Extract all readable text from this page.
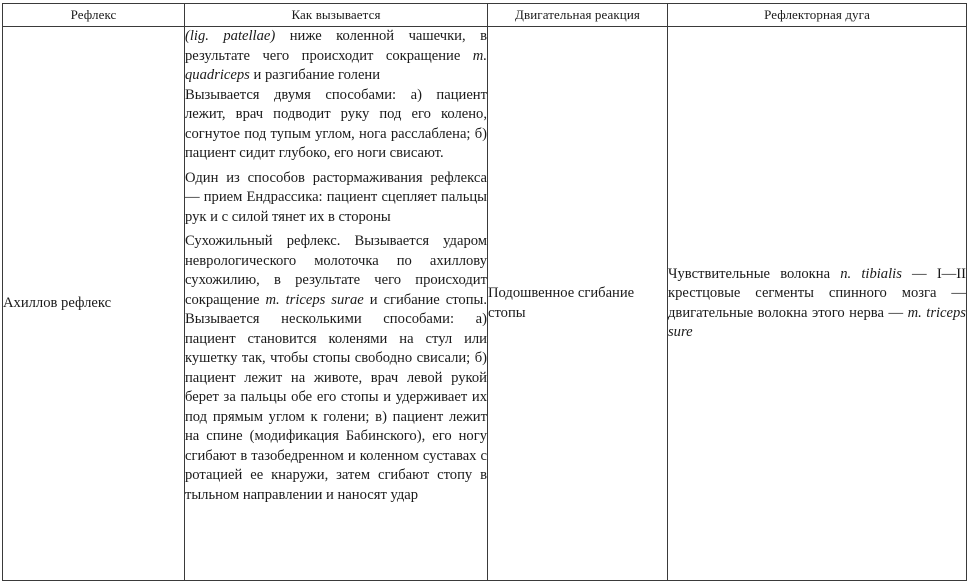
Рефлекс	Как вызывается	Двигательная реакция	Рефлекторная дуга
Ахиллов рефлекс	(lig. patellae) ниже коленной чашечки, в результате чего происходит сокращение m. quadriceps и разгибание голени

Вызывается двумя способами: а) пациент лежит, врач подводит руку под его колено, согнутое под тупым углом, нога расслаблена; б) пациент сидит глубоко, его ноги свисают.

Один из способов растормаживания рефлекса — прием Ендрассика: пациент сцепляет пальцы рук и с силой тянет их в стороны

Сухожильный рефлекс. Вызывается ударом неврологического молоточка по ахиллову сухожилию, в результате чего происходит сокращение m. triceps surae и сгибание стопы. Вызывается несколькими способами: а) пациент становится коленями на стул или кушетку так, чтобы стопы свободно свисали; б) пациент лежит на животе, врач левой рукой берет за пальцы обе его стопы и удерживает их под прямым углом к голени; в) пациент лежит на спине (модификация Бабинского), его ногу сгибают в тазобедренном и коленном суставах с ротацией ее кнаружи, затем сгибают стопу в тыльном направлении и наносят удар	Подошвенное сгибание стопы	Чувствительные волокна n. tibialis — I—II крестцовые сегменты спинного мозга — двигательные волокна этого нерва — m. triceps sure
